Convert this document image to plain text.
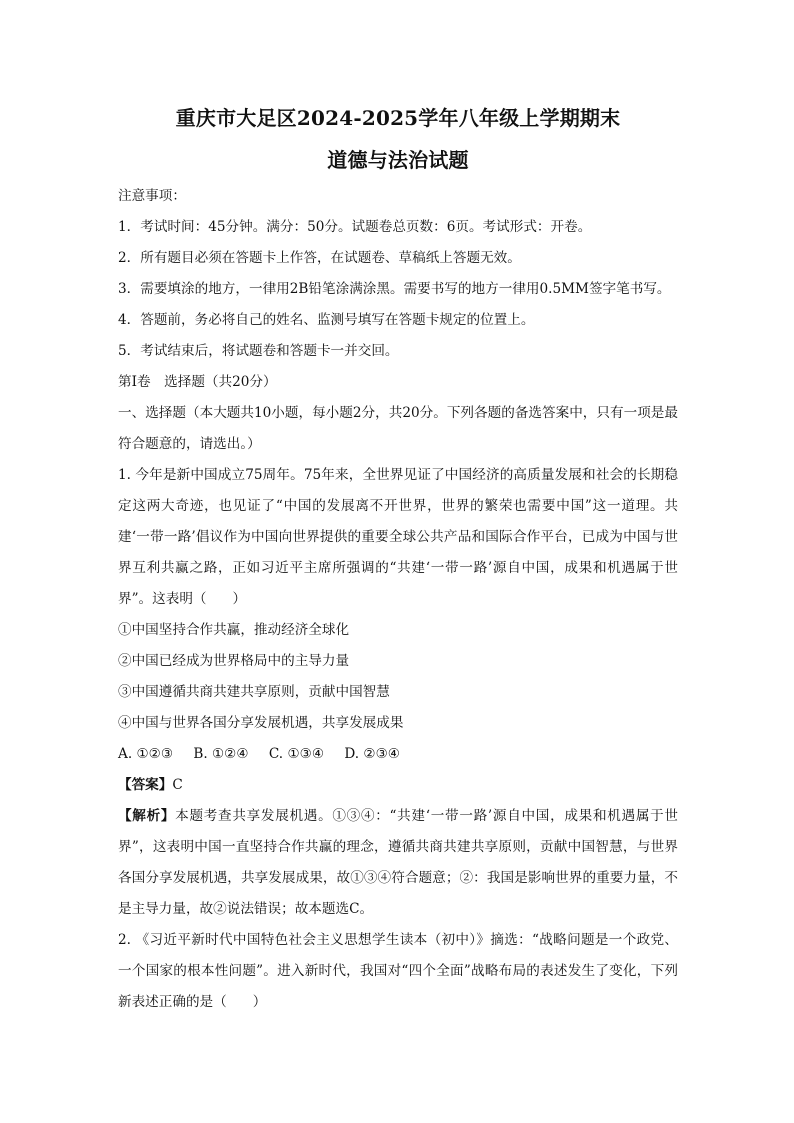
重庆市大足区2024-2025学年八年级上学期期末
道德与法治试题
注意事项：
1．考试时间：45分钟。满分：50分。试题卷总页数：6页。考试形式：开卷。
2．所有题目必须在答题卡上作答，在试题卷、草稿纸上答题无效。
3．需要填涂的地方，一律用2B铅笔涂满涂黑。需要书写的地方一律用0.5MM签字笔书写。
4．答题前，务必将自己的姓名、监测号填写在答题卡规定的位置上。
5．考试结束后，将试题卷和答题卡一并交回。

第Ⅰ卷　选择题（共20分）

一、选择题（本大题共10小题，每小题2分，共20分。下列各题的备选答案中，只有一项是最符合题意的，请选出。）

1. 今年是新中国成立75周年。75年来，全世界见证了中国经济的高质量发展和社会的长期稳定这两大奇迹，也见证了“中国的发展离不开世界，世界的繁荣也需要中国”这一道理。共建‘一带一路’倡议作为中国向世界提供的重要全球公共产品和国际合作平台，已成为中国与世界互利共赢之路，正如习近平主席所强调的“共建‘一带一路’源自中国，成果和机遇属于世界”。这表明（ ）

①中国坚持合作共赢，推动经济全球化

②中国已经成为世界格局中的主导力量

③中国遵循共商共建共享原则，贡献中国智慧

④中国与世界各国分享发展机遇，共享发展成果

A. ①②③ B. ①②④ C. ①③④ D. ②③④

【答案】C

【解析】本题考查共享发展机遇。①③④：“共建‘一带一路’源自中国，成果和机遇属于世界”，这表明中国一直坚持合作共赢的理念，遵循共商共建共享原则，贡献中国智慧，与世界各国分享发展机遇，共享发展成果，故①③④符合题意；②：我国是影响世界的重要力量，不是主导力量，故②说法错误；故本题选C。

2. 《习近平新时代中国特色社会主义思想学生读本（初中）》摘选：“战略问题是一个政党、一个国家的根本性问题”。进入新时代，我国对“四个全面”战略布局的表述发生了变化，下列新表述正确的是（ ）
